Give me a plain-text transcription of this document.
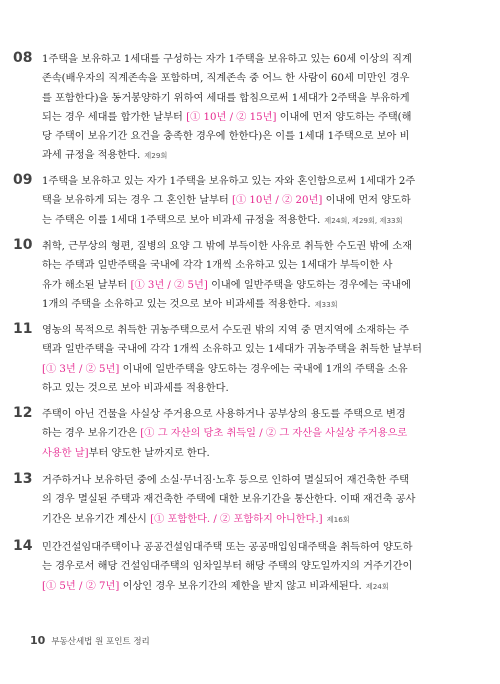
08 1주택을 보유하고 1세대를 구성하는 자가 1주택을 보유하고 있는 60세 이상의 직계
존속(배우자의 직계존속을 포함하며, 직계존속 중 어느 한 사람이 60세 미만인 경우
를 포함한다)을 동거봉양하기 위하여 세대를 합침으로써 1세대가 2주택을 부유하게
되는 경우 세대를 합가한 날부터 [① 10년 / ② 15년] 이내에 먼저 양도하는 주택(해
당 주택이 보유기간 요건을 충족한 경우에 한한다)은 이를 1세대 1주택으로 보아 비
과세 규정을 적용한다. 제29회
09 1주택을 보유하고 있는 자가 1주택을 보유하고 있는 자와 혼인함으로써 1세대가 2주
택을 보유하게 되는 경우 그 혼인한 날부터 [① 10년 / ② 20년] 이내에 먼저 양도하
는 주택은 이를 1세대 1주택으로 보아 비과세 규정을 적용한다. 제24회, 제29회, 제33회
10 취학, 근무상의 형편, 질병의 요양 그 밖에 부득이한 사유로 취득한 수도권 밖에 소재
하는 주택과 일반주택을 국내에 각각 1개씩 소유하고 있는 1세대가 부득이한 사
유가 해소된 날부터 [① 3년 / ② 5년] 이내에 일반주택을 양도하는 경우에는 국내에
1개의 주택을 소유하고 있는 것으로 보아 비과세를 적용한다. 제33회
11 영농의 목적으로 취득한 귀농주택으로서 수도권 밖의 지역 중 면지역에 소재하는 주
택과 일반주택을 국내에 각각 1개씩 소유하고 있는 1세대가 귀농주택을 취득한 날부터
[① 3년 / ② 5년] 이내에 일반주택을 양도하는 경우에는 국내에 1개의 주택을 소유
하고 있는 것으로 보아 비과세를 적용한다.
12 주택이 아닌 건물을 사실상 주거용으로 사용하거나 공부상의 용도를 주택으로 변경
하는 경우 보유기간은 [① 그 자산의 당초 취득일 / ② 그 자산을 사실상 주거용으로
사용한 날]부터 양도한 날까지로 한다.
13 거주하거나 보유하던 중에 소실·무너짐·노후 등으로 인하여 멸실되어 재건축한 주택
의 경우 멸실된 주택과 재건축한 주택에 대한 보유기간을 통산한다. 이때 재건축 공사
기간은 보유기간 계산시 [① 포함한다. / ② 포함하지 아니한다.] 제16회
14 민간건설임대주택이나 공공건설임대주택 또는 공공매입임대주택을 취득하여 양도하
는 경우로서 해당 건설임대주택의 임차일부터 해당 주택의 양도일까지의 거주기간이
[① 5년 / ② 7년] 이상인 경우 보유기간의 제한을 받지 않고 비과세된다. 제24회
10 부동산세법 원 포인트 정리
